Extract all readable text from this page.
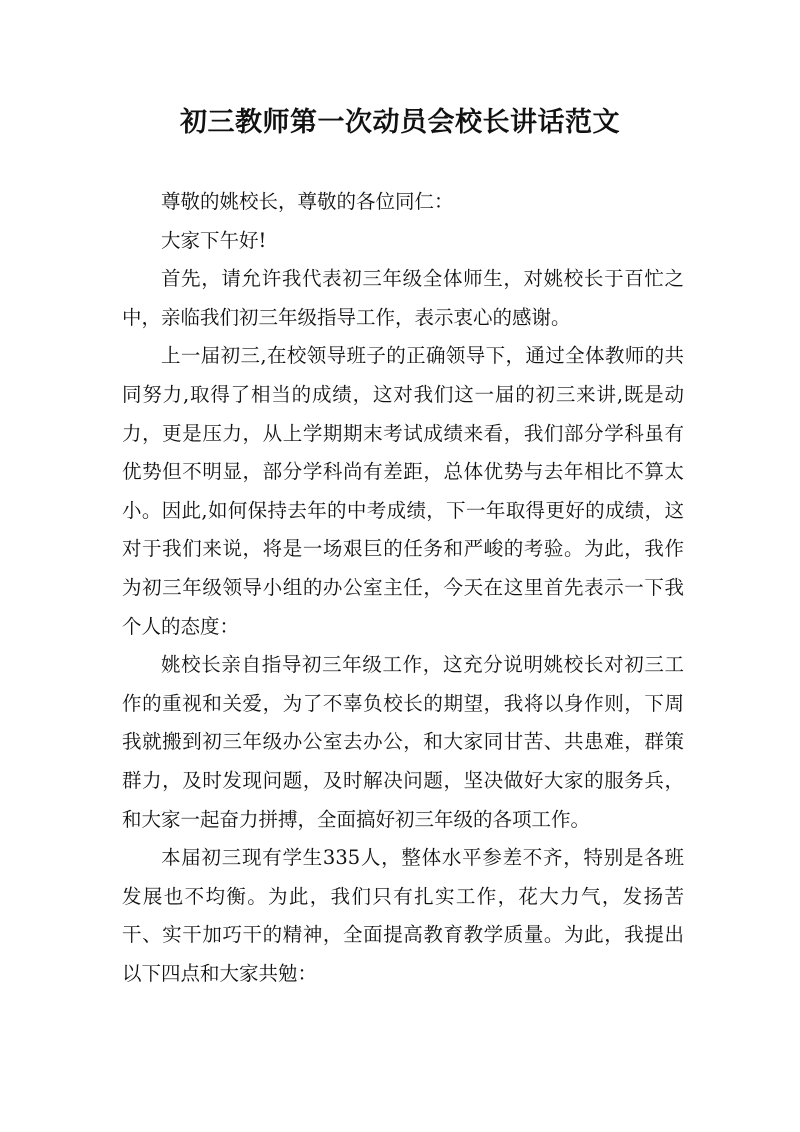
初三教师第一次动员会校长讲话范文

尊敬的姚校长，尊敬的各位同仁：

大家下午好!

首先，请允许我代表初三年级全体师生，对姚校长于百忙之中，亲临我们初三年级指导工作，表示衷心的感谢。

上一届初三,在校领导班子的正确领导下，通过全体教师的共同努力,取得了相当的成绩，这对我们这一届的初三来讲,既是动力，更是压力，从上学期期末考试成绩来看，我们部分学科虽有优势但不明显，部分学科尚有差距，总体优势与去年相比不算太小。因此,如何保持去年的中考成绩，下一年取得更好的成绩，这对于我们来说，将是一场艰巨的任务和严峻的考验。为此，我作为初三年级领导小组的办公室主任，今天在这里首先表示一下我个人的态度：

姚校长亲自指导初三年级工作，这充分说明姚校长对初三工作的重视和关爱，为了不辜负校长的期望，我将以身作则，下周我就搬到初三年级办公室去办公，和大家同甘苦、共患难，群策群力，及时发现问题，及时解决问题，坚决做好大家的服务兵，和大家一起奋力拼搏，全面搞好初三年级的各项工作。

本届初三现有学生335人，整体水平参差不齐，特别是各班发展也不均衡。为此，我们只有扎实工作，花大力气，发扬苦干、实干加巧干的精神，全面提高教育教学质量。为此，我提出以下四点和大家共勉：
